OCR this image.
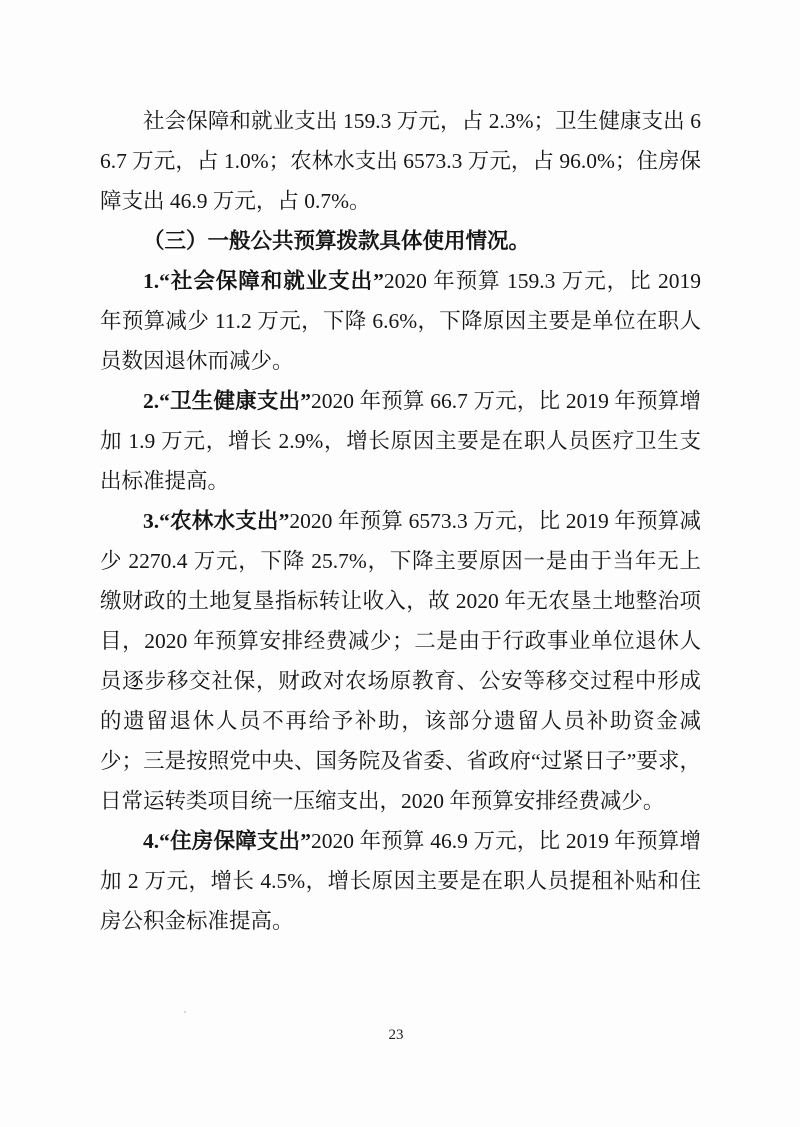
社会保障和就业支出 159.3 万元，占 2.3%；卫生健康支出 66.7 万元，占 1.0%；农林水支出 6573.3 万元，占 96.0%；住房保障支出 46.9 万元，占 0.7%。

（三）一般公共预算拨款具体使用情况。

1.“社会保障和就业支出”2020 年预算 159.3 万元，比 2019 年预算减少 11.2 万元，下降 6.6%，下降原因主要是单位在职人员数因退休而减少。

2.“卫生健康支出”2020 年预算 66.7 万元，比 2019 年预算增加 1.9 万元，增长 2.9%，增长原因主要是在职人员医疗卫生支出标准提高。

3.“农林水支出”2020 年预算 6573.3 万元，比 2019 年预算减少 2270.4 万元，下降 25.7%，下降主要原因一是由于当年无上缴财政的土地复垦指标转让收入，故 2020 年无农垦土地整治项目，2020 年预算安排经费减少；二是由于行政事业单位退休人员逐步移交社保，财政对农场原教育、公安等移交过程中形成的遗留退休人员不再给予补助，该部分遗留人员补助资金减少；三是按照党中央、国务院及省委、省政府“过紧日子”要求，日常运转类项目统一压缩支出，2020 年预算安排经费减少。

4.“住房保障支出”2020 年预算 46.9 万元，比 2019 年预算增加 2 万元，增长 4.5%，增长原因主要是在职人员提租补贴和住房公积金标准提高。

23
